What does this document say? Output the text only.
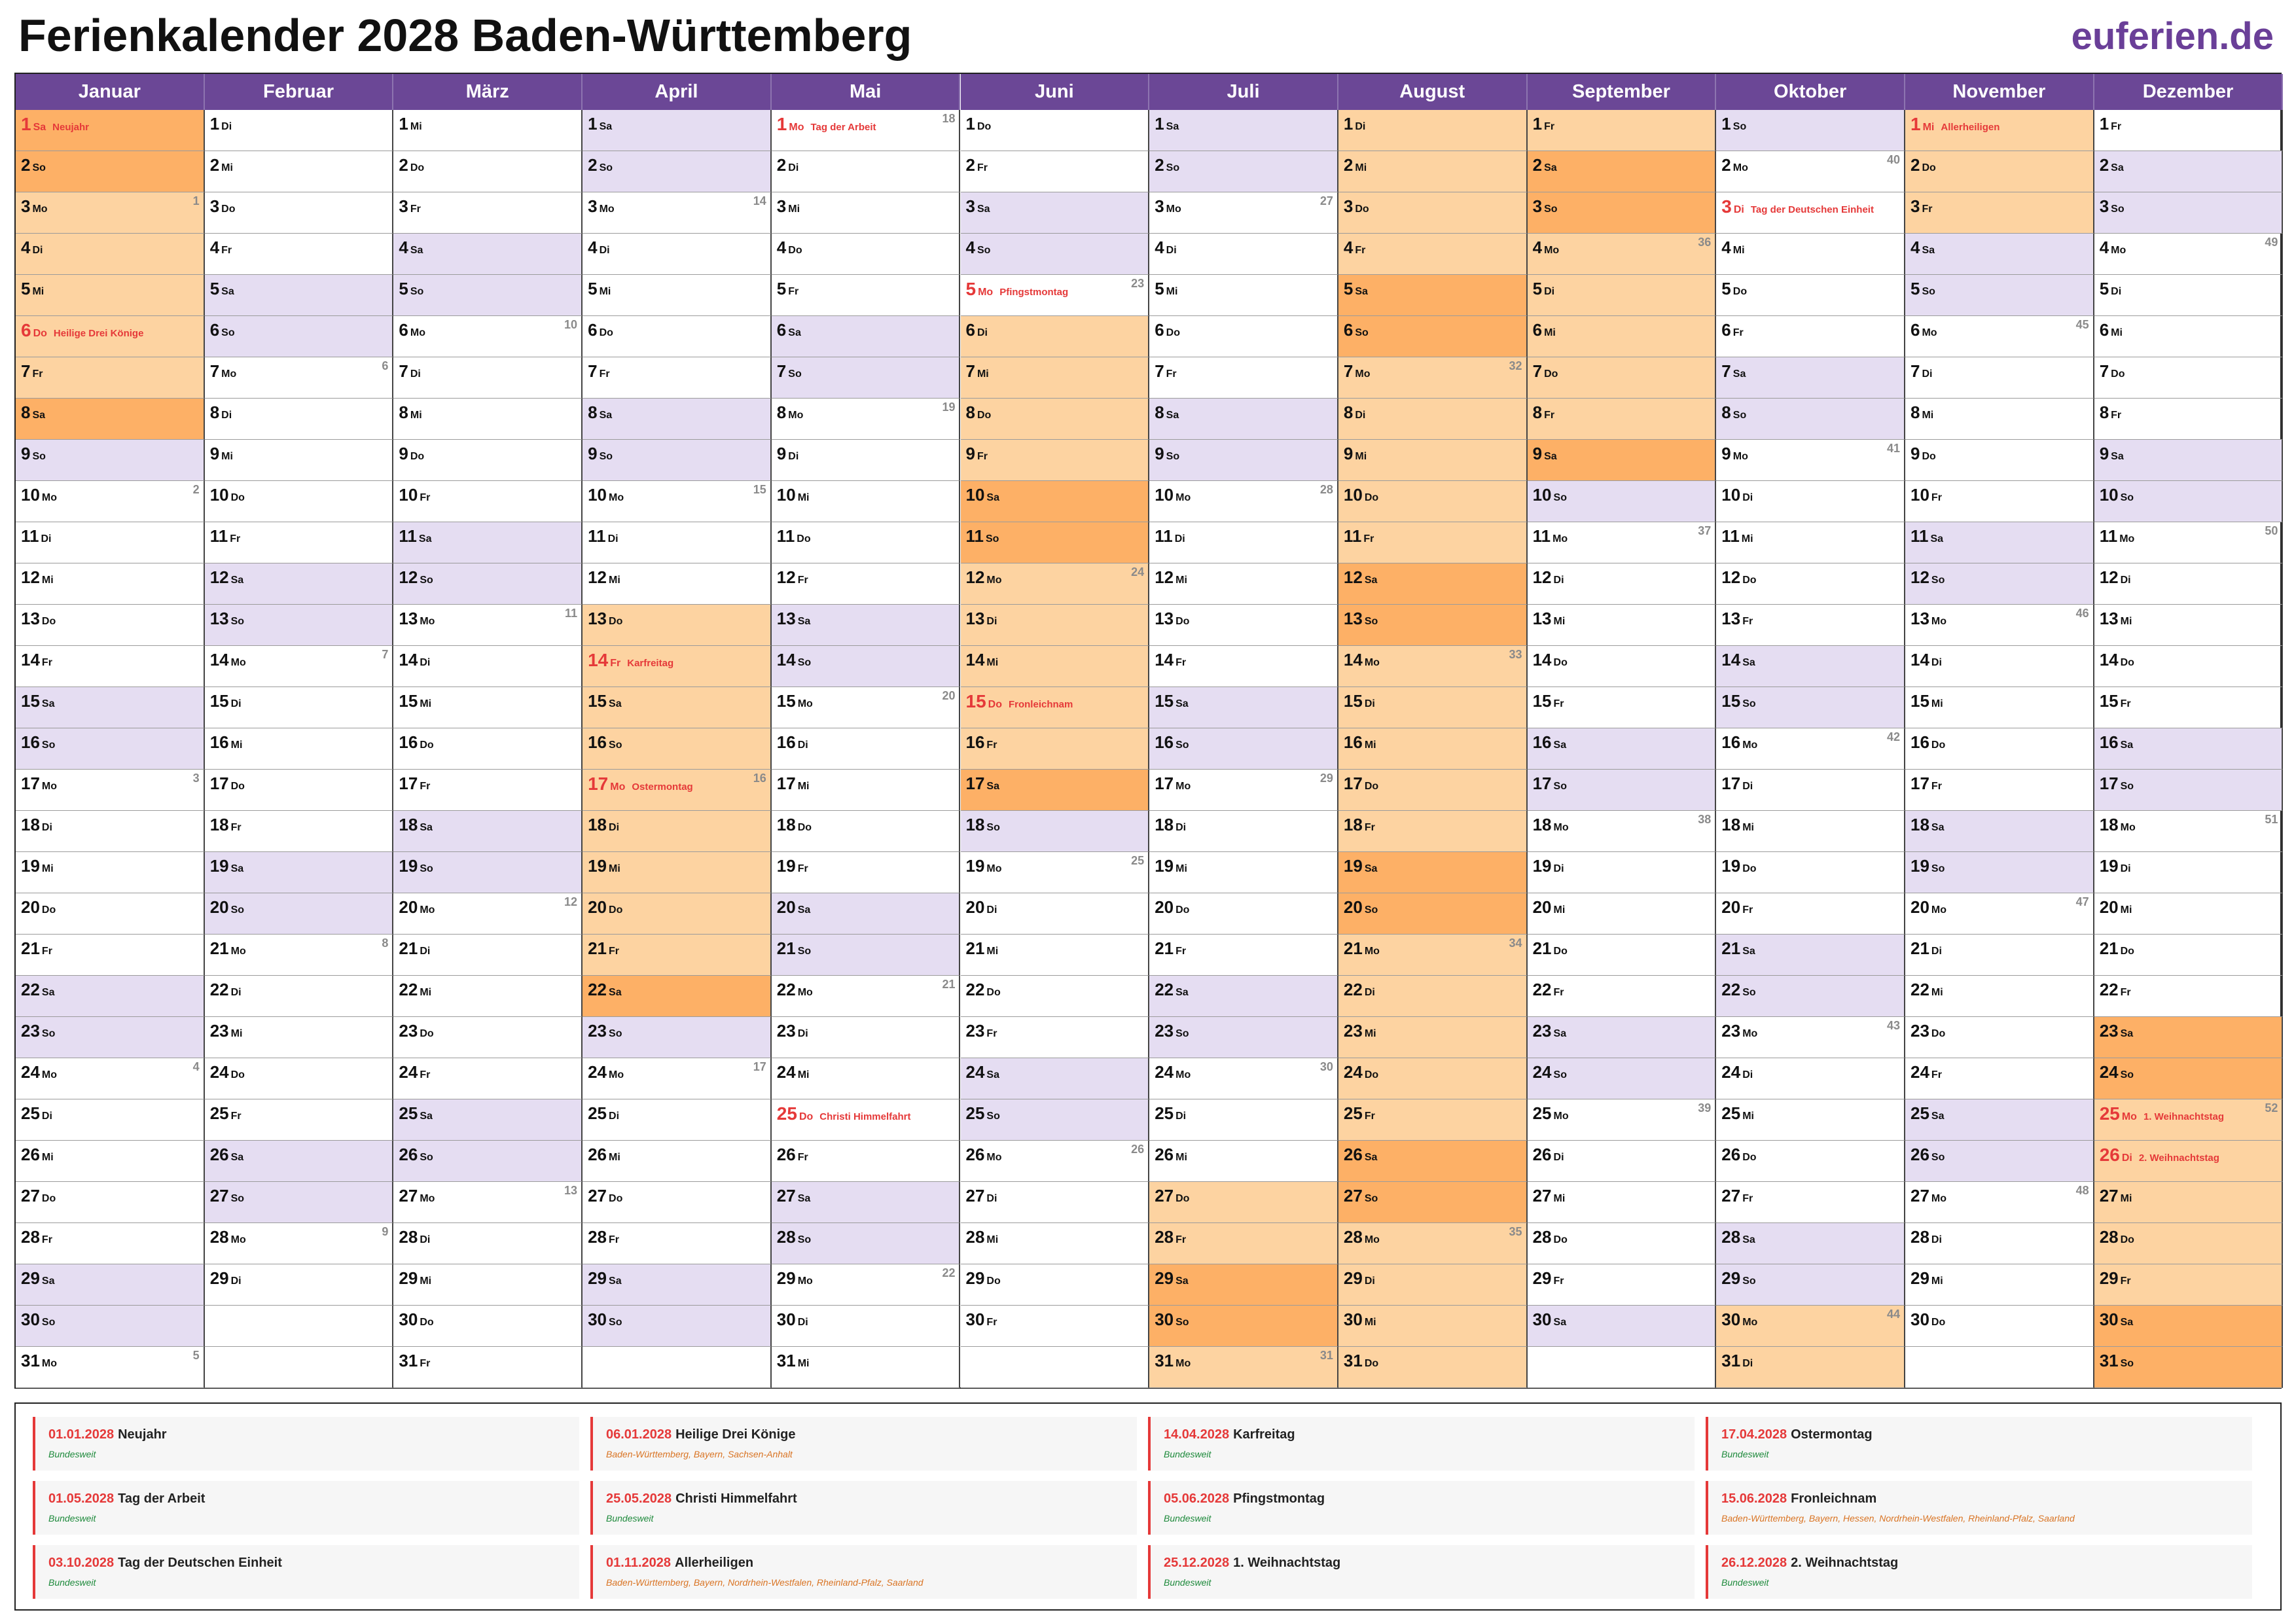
Ferienkalender 2028 Baden-Württemberg	euferien.de
Januar
1 Sa Neujahr
2 So
3 Mo
1
4 Di
5 Mi
6 Do Heilige Drei Könige
7 Fr
8 Sa
9 So
10 Mo
2
11 Di
12 Mi
13 Do
14 Fr
15 Sa
16 So
17 Mo
3
18 Di
19 Mi
20 Do
21 Fr
22 Sa
23 So
24 Mo
4
25 Di
26 Mi
27 Do
28 Fr
29 Sa
30 So
31 Mo
5
Februar
1 Di
2 Mi
3 Do
4 Fr
5 Sa
6 So
7 Mo
6
8 Di
9 Mi
10 Do
11 Fr
12 Sa
13 So
14 Mo
7
15 Di
16 Mi
17 Do
18 Fr
19 Sa
20 So
21 Mo
8
22 Di
23 Mi
24 Do
25 Fr
26 Sa
27 So
28 Mo
9
29 Di
März
1 Mi
2 Do
3 Fr
4 Sa
5 So
6 Mo
10
7 Di
8 Mi
9 Do
10 Fr
11 Sa
12 So
13 Mo
11
14 Di
15 Mi
16 Do
17 Fr
18 Sa
19 So
20 Mo
12
21 Di
22 Mi
23 Do
24 Fr
25 Sa
26 So
27 Mo
13
28 Di
29 Mi
30 Do
31 Fr
April
1 Sa
2 So
3 Mo
14
4 Di
5 Mi
6 Do
7 Fr
8 Sa
9 So
10 Mo
15
11 Di
12 Mi
13 Do
14 Fr Karfreitag
15 Sa
16 So
17 Mo Ostermontag
16
18 Di
19 Mi
20 Do
21 Fr
22 Sa
23 So
24 Mo
17
25 Di
26 Mi
27 Do
28 Fr
29 Sa
30 So
Mai
1 Mo Tag der Arbeit
18
2 Di
3 Mi
4 Do
5 Fr
6 Sa
7 So
8 Mo
19
9 Di
10 Mi
11 Do
12 Fr
13 Sa
14 So
15 Mo
20
16 Di
17 Mi
18 Do
19 Fr
20 Sa
21 So
22 Mo
21
23 Di
24 Mi
25 Do Christi Himmelfahrt
26 Fr
27 Sa
28 So
29 Mo
22
30 Di
31 Mi
Juni
1 Do
2 Fr
3 Sa
4 So
5 Mo Pfingstmontag
23
6 Di
7 Mi
8 Do
9 Fr
10 Sa
11 So
12 Mo
24
13 Di
14 Mi
15 Do Fronleichnam
16 Fr
17 Sa
18 So
19 Mo
25
20 Di
21 Mi
22 Do
23 Fr
24 Sa
25 So
26 Mo
26
27 Di
28 Mi
29 Do
30 Fr
Juli
1 Sa
2 So
3 Mo
27
4 Di
5 Mi
6 Do
7 Fr
8 Sa
9 So
10 Mo
28
11 Di
12 Mi
13 Do
14 Fr
15 Sa
16 So
17 Mo
29
18 Di
19 Mi
20 Do
21 Fr
22 Sa
23 So
24 Mo
30
25 Di
26 Mi
27 Do
28 Fr
29 Sa
30 So
31 Mo
31
August
1 Di
2 Mi
3 Do
4 Fr
5 Sa
6 So
7 Mo
32
8 Di
9 Mi
10 Do
11 Fr
12 Sa
13 So
14 Mo
33
15 Di
16 Mi
17 Do
18 Fr
19 Sa
20 So
21 Mo
34
22 Di
23 Mi
24 Do
25 Fr
26 Sa
27 So
28 Mo
35
29 Di
30 Mi
31 Do
September
1 Fr
2 Sa
3 So
4 Mo
36
5 Di
6 Mi
7 Do
8 Fr
9 Sa
10 So
11 Mo
37
12 Di
13 Mi
14 Do
15 Fr
16 Sa
17 So
18 Mo
38
19 Di
20 Mi
21 Do
22 Fr
23 Sa
24 So
25 Mo
39
26 Di
27 Mi
28 Do
29 Fr
30 Sa
Oktober
1 So
2 Mo
40
3 Di Tag der Deutschen Einheit
4 Mi
5 Do
6 Fr
7 Sa
8 So
9 Mo
41
10 Di
11 Mi
12 Do
13 Fr
14 Sa
15 So
16 Mo
42
17 Di
18 Mi
19 Do
20 Fr
21 Sa
22 So
23 Mo
43
24 Di
25 Mi
26 Do
27 Fr
28 Sa
29 So
30 Mo
44
31 Di
November
1 Mi Allerheiligen
2 Do
3 Fr
4 Sa
5 So
6 Mo
45
7 Di
8 Mi
9 Do
10 Fr
11 Sa
12 So
13 Mo
46
14 Di
15 Mi
16 Do
17 Fr
18 Sa
19 So
20 Mo
47
21 Di
22 Mi
23 Do
24 Fr
25 Sa
26 So
27 Mo
48
28 Di
29 Mi
30 Do
Dezember
1 Fr
2 Sa
3 So
4 Mo
49
5 Di
6 Mi
7 Do
8 Fr
9 Sa
10 So
11 Mo
50
12 Di
13 Mi
14 Do
15 Fr
16 Sa
17 So
18 Mo
51
19 Di
20 Mi
21 Do
22 Fr
23 Sa
24 So
25 Mo 1. Weihnachtstag
52
26 Di 2. Weihnachtstag
27 Mi
28 Do
29 Fr
30 Sa
31 So
01.01.2028 Neujahr
Bundesweit
06.01.2028 Heilige Drei Könige
Baden-Württemberg, Bayern, Sachsen-Anhalt
14.04.2028 Karfreitag
Bundesweit
17.04.2028 Ostermontag
Bundesweit
01.05.2028 Tag der Arbeit
Bundesweit
25.05.2028 Christi Himmelfahrt
Bundesweit
05.06.2028 Pfingstmontag
Bundesweit
15.06.2028 Fronleichnam
Baden-Württemberg, Bayern, Hessen, Nordrhein-Westfalen, Rheinland-Pfalz, Saarland
03.10.2028 Tag der Deutschen Einheit
Bundesweit
01.11.2028 Allerheiligen
Baden-Württemberg, Bayern, Nordrhein-Westfalen, Rheinland-Pfalz, Saarland
25.12.2028 1. Weihnachtstag
Bundesweit
26.12.2028 2. Weihnachtstag
Bundesweit
